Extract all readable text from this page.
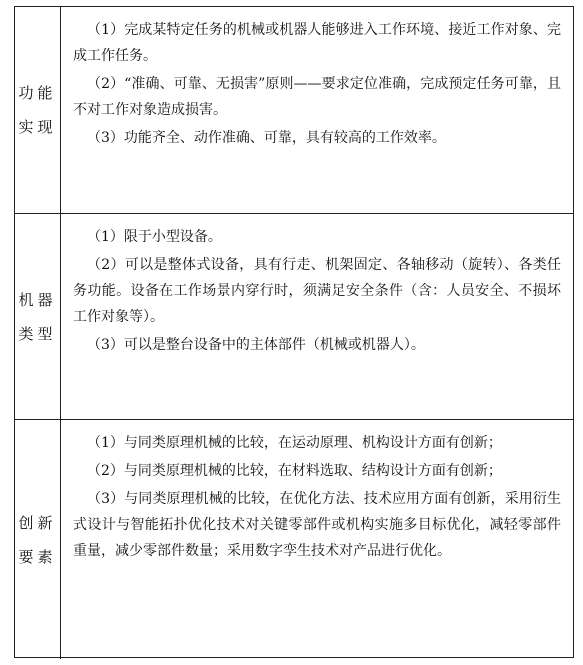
功能
实现

（1）完成某特定任务的机械或机器人能够进入工作环境、接近工作对象、完成工作任务。

（2）“准确、可靠、无损害”原则——要求定位准确，完成预定任务可靠，且不对工作对象造成损害。

（3）功能齐全、动作准确、可靠，具有较高的工作效率。

机器
类型

（1）限于小型设备。

（2）可以是整体式设备，具有行走、机架固定、各轴移动（旋转）、各类任务功能。设备在工作场景内穿行时，须满足安全条件（含：人员安全、不损坏工作对象等）。

（3）可以是整台设备中的主体部件（机械或机器人）。

创新
要素

（1）与同类原理机械的比较，在运动原理、机构设计方面有创新；

（2）与同类原理机械的比较，在材料选取、结构设计方面有创新；

（3）与同类原理机械的比较，在优化方法、技术应用方面有创新，采用衍生式设计与智能拓扑优化技术对关键零部件或机构实施多目标优化，减轻零部件重量，减少零部件数量；采用数字孪生技术对产品进行优化。
